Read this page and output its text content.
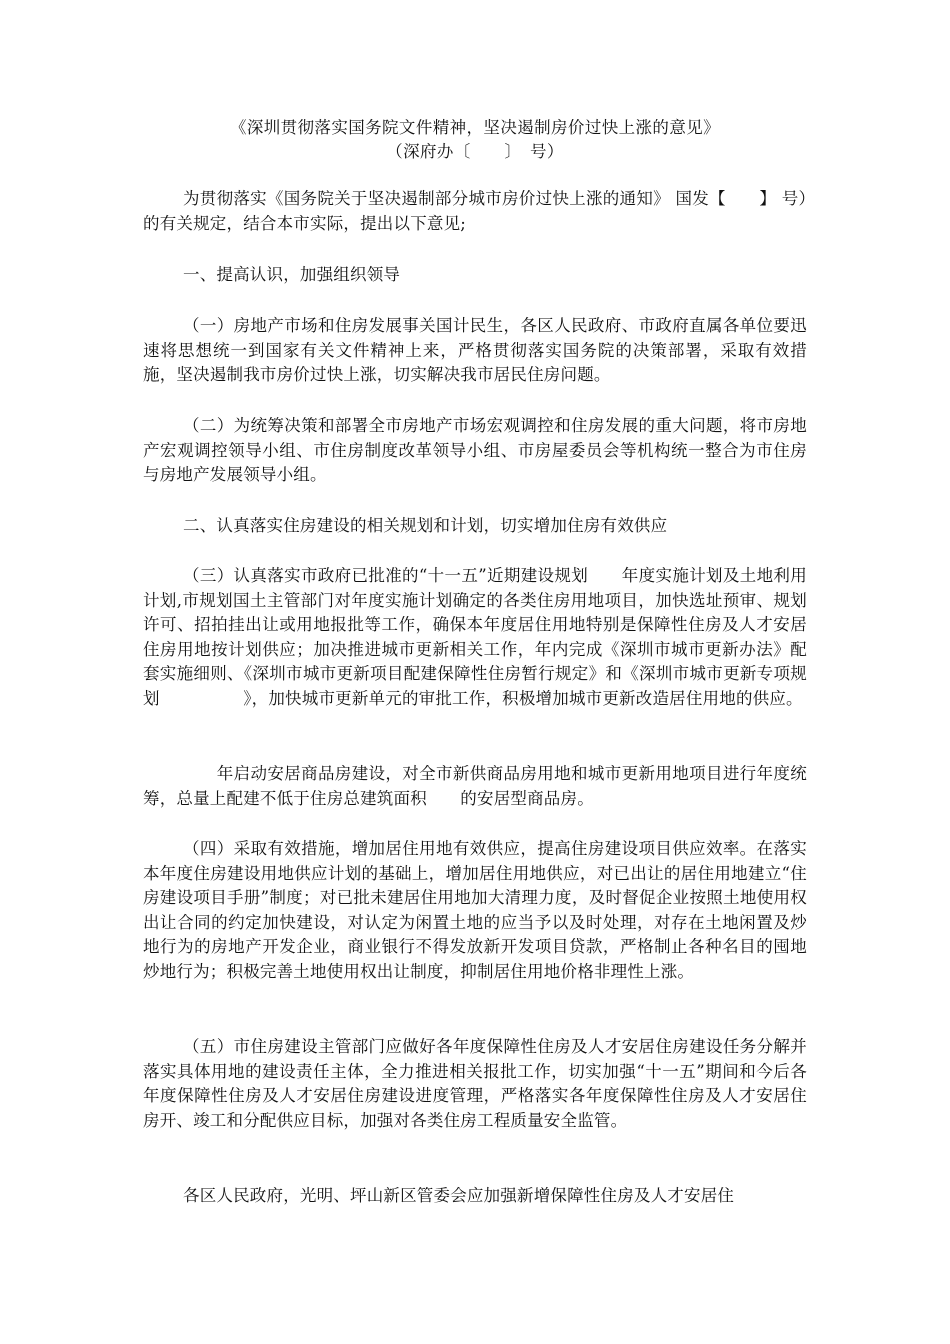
《深圳贯彻落实国务院文件精神，坚决遏制房价过快上涨的意见》
（深府办〔　　〕　号）

为贯彻落实《国务院关于坚决遏制部分城市房价过快上涨的通知》 国发【　　】 号）的有关规定，结合本市实际，提出以下意见;

一、提高认识，加强组织领导

（一）房地产市场和住房发展事关国计民生，各区人民政府、市政府直属各单位要迅速将思想统一到国家有关文件精神上来，严格贯彻落实国务院的决策部署，采取有效措施，坚决遏制我市房价过快上涨，切实解决我市居民住房问题。

（二）为统筹决策和部署全市房地产市场宏观调控和住房发展的重大问题，将市房地产宏观调控领导小组、市住房制度改革领导小组、市房屋委员会等机构统一整合为市住房与房地产发展领导小组。

二、认真落实住房建设的相关规划和计划，切实增加住房有效供应

（三）认真落实市政府已批准的“十一五”近期建设规划　　年度实施计划及土地利用计划,市规划国土主管部门对年度实施计划确定的各类住房用地项目，加快选址预审、规划许可、招拍挂出让或用地报批等工作，确保本年度居住用地特别是保障性住房及人才安居住房用地按计划供应；加决推进城市更新相关工作，年内完成《深圳市城市更新办法》配套实施细则、《深圳市城市更新项目配建保障性住房暂行规定》和《深圳市城市更新专项规划　　　　　》，加快城市更新单元的审批工作，积极增加城市更新改造居住用地的供应。

　　年启动安居商品房建设，对全市新供商品房用地和城市更新用地项目进行年度统筹，总量上配建不低于住房总建筑面积　　的安居型商品房。

（四）采取有效措施，增加居住用地有效供应，提高住房建设项目供应效率。在落实本年度住房建设用地供应计划的基础上，增加居住用地供应，对已出让的居住用地建立“住房建设项目手册”制度；对已批未建居住用地加大清理力度，及时督促企业按照土地使用权出让合同的约定加快建设，对认定为闲置土地的应当予以及时处理，对存在土地闲置及炒地行为的房地产开发企业，商业银行不得发放新开发项目贷款，严格制止各种名目的囤地炒地行为；积极完善土地使用权出让制度，抑制居住用地价格非理性上涨。

（五）市住房建设主管部门应做好各年度保障性住房及人才安居住房建设任务分解并落实具体用地的建设责任主体，全力推进相关报批工作，切实加强“十一五”期间和今后各年度保障性住房及人才安居住房建设进度管理，严格落实各年度保障性住房及人才安居住房开、竣工和分配供应目标，加强对各类住房工程质量安全监管。

各区人民政府，光明、坪山新区管委会应加强新增保障性住房及人才安居住
